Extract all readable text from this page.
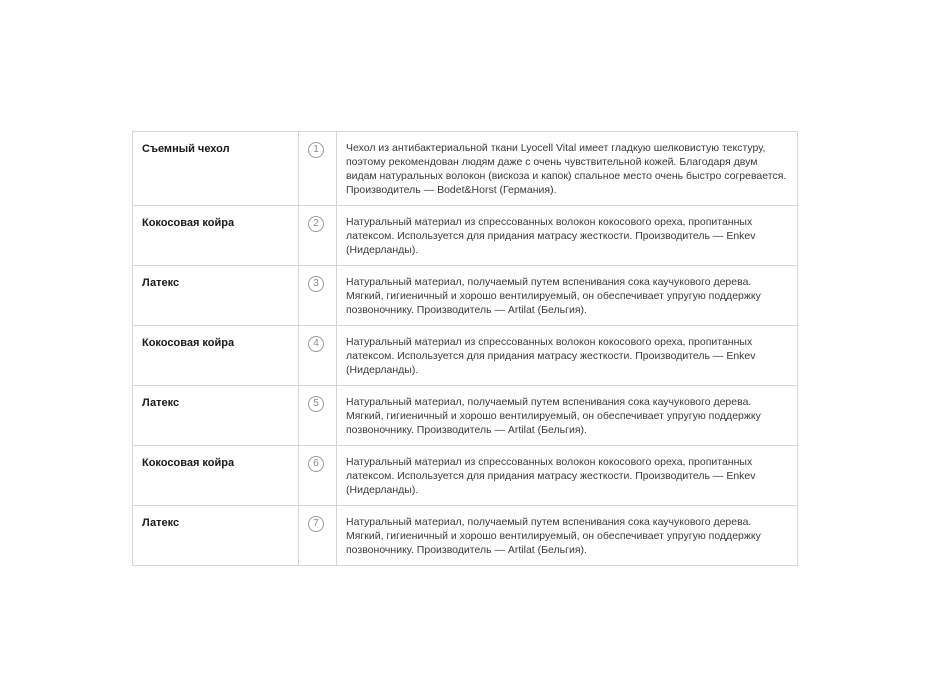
Съемный чехол	1	Чехол из антибактериальной ткани Lyocell Vital имеет гладкую шелковистую текстуру, поэтому рекомендован людям даже с очень чувствительной кожей. Благодаря двум видам натуральных волокон (вискоза и капок) спальное место очень быстро согревается. Производитель — Bodet&Horst (Германия).

Кокосовая койра	2	Натуральный материал из спрессованных волокон кокосового ореха, пропитанных латексом. Используется для придания матрасу жесткости. Производитель — Enkev (Нидерланды).

Латекс	3	Натуральный материал, получаемый путем вспенивания сока каучукового дерева. Мягкий, гигиеничный и хорошо вентилируемый, он обеспечивает упругую поддержку позвоночнику. Производитель — Artilat (Бельгия).

Кокосовая койра	4	Натуральный материал из спрессованных волокон кокосового ореха, пропитанных латексом. Используется для придания матрасу жесткости. Производитель — Enkev (Нидерланды).

Латекс	5	Натуральный материал, получаемый путем вспенивания сока каучукового дерева. Мягкий, гигиеничный и хорошо вентилируемый, он обеспечивает упругую поддержку позвоночнику. Производитель — Artilat (Бельгия).

Кокосовая койра	6	Натуральный материал из спрессованных волокон кокосового ореха, пропитанных латексом. Используется для придания матрасу жесткости. Производитель — Enkev (Нидерланды).

Латекс	7	Натуральный материал, получаемый путем вспенивания сока каучукового дерева. Мягкий, гигиеничный и хорошо вентилируемый, он обеспечивает упругую поддержку позвоночнику. Производитель — Artilat (Бельгия).
